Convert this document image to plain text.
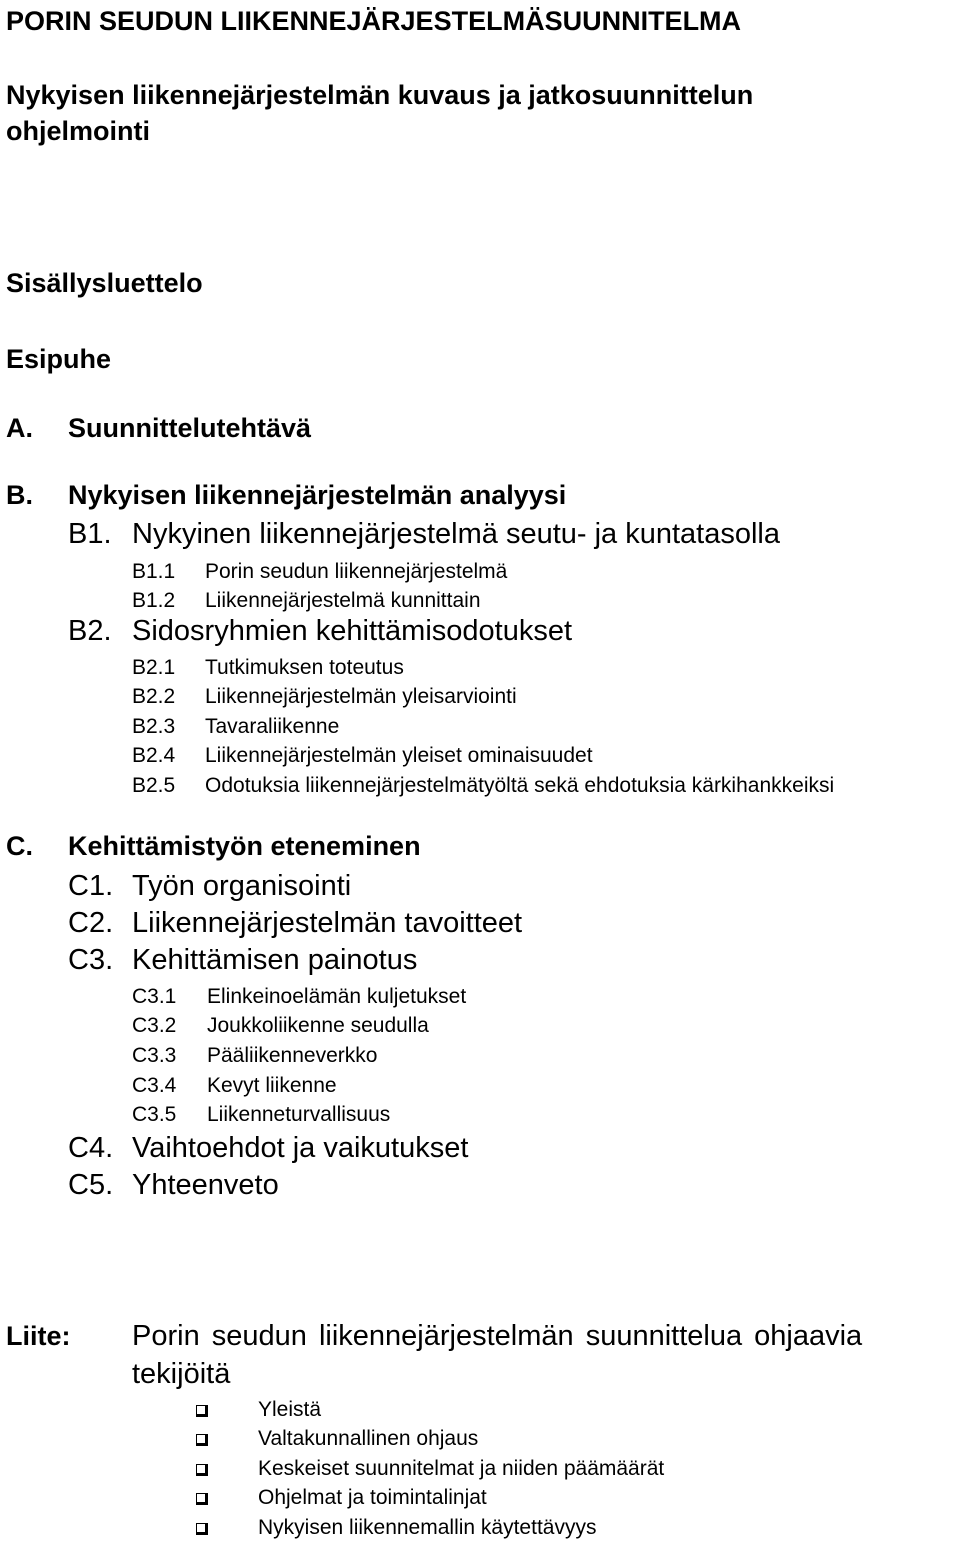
PORIN SEUDUN LIIKENNEJÄRJESTELMÄSUUNNITELMA
Nykyisen liikennejärjestelmän kuvaus ja jatkosuunnittelun
ohjelmointi
Sisällysluettelo
Esipuhe
A. Suunnittelutehtävä
B. Nykyisen liikennejärjestelmän analyysi
B1. Nykyinen liikennejärjestelmä seutu- ja kuntatasolla
B1.1 Porin seudun liikennejärjestelmä
B1.2 Liikennejärjestelmä kunnittain
B2. Sidosryhmien kehittämisodotukset
B2.1 Tutkimuksen toteutus
B2.2 Liikennejärjestelmän yleisarviointi
B2.3 Tavaraliikenne
B2.4 Liikennejärjestelmän yleiset ominaisuudet
B2.5 Odotuksia liikennejärjestelmätyöltä sekä ehdotuksia kärkihankkeiksi
C. Kehittämistyön eteneminen
C1. Työn organisointi
C2. Liikennejärjestelmän tavoitteet
C3. Kehittämisen painotus
C3.1 Elinkeinoelämän kuljetukset
C3.2 Joukkoliikenne seudulla
C3.3 Pääliikenneverkko
C3.4 Kevyt liikenne
C3.5 Liikenneturvallisuus
C4. Vaihtoehdot ja vaikutukset
C5. Yhteenveto
Liite: Porin seudun liikennejärjestelmän suunnittelua ohjaavia
tekijöitä
Yleistä
Valtakunnallinen ohjaus
Keskeiset suunnitelmat ja niiden päämäärät
Ohjelmat ja toimintalinjat
Nykyisen liikennemallin käytettävyys
